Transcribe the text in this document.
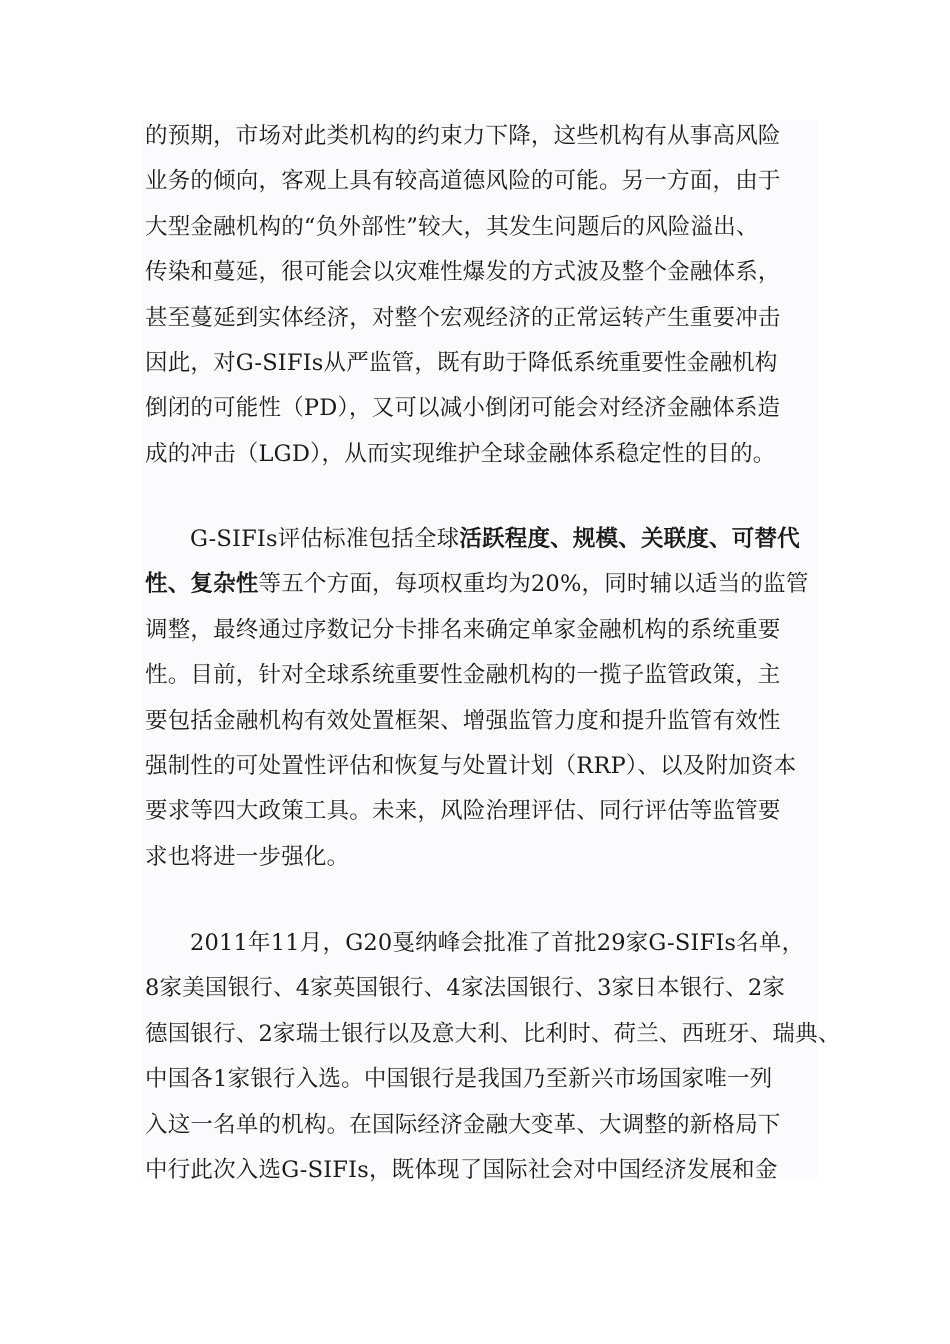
的预期，市场对此类机构的约束力下降，这些机构有从事高风险
业务的倾向，客观上具有较高道德风险的可能。另一方面，由于
大型金融机构的“负外部性”较大，其发生问题后的风险溢出、
传染和蔓延，很可能会以灾难性爆发的方式波及整个金融体系，
甚至蔓延到实体经济，对整个宏观经济的正常运转产生重要冲击
因此，对G-SIFIs从严监管，既有助于降低系统重要性金融机构
倒闭的可能性（PD），又可以减小倒闭可能会对经济金融体系造
成的冲击（LGD），从而实现维护全球金融体系稳定性的目的。
G-SIFIs评估标准包括全球活跃程度、规模、关联度、可替代
性、复杂性等五个方面，每项权重均为20%，同时辅以适当的监管
调整，最终通过序数记分卡排名来确定单家金融机构的系统重要
性。目前，针对全球系统重要性金融机构的一揽子监管政策，主
要包括金融机构有效处置框架、增强监管力度和提升监管有效性
强制性的可处置性评估和恢复与处置计划（RRP）、以及附加资本
要求等四大政策工具。未来，风险治理评估、同行评估等监管要
求也将进一步强化。
2011年11月，G20戛纳峰会批准了首批29家G-SIFIs名单，
8家美国银行、4家英国银行、4家法国银行、3家日本银行、2家
德国银行、2家瑞士银行以及意大利、比利时、荷兰、西班牙、瑞典、
中国各1家银行入选。中国银行是我国乃至新兴市场国家唯一列
入这一名单的机构。在国际经济金融大变革、大调整的新格局下
中行此次入选G-SIFIs，既体现了国际社会对中国经济发展和金
